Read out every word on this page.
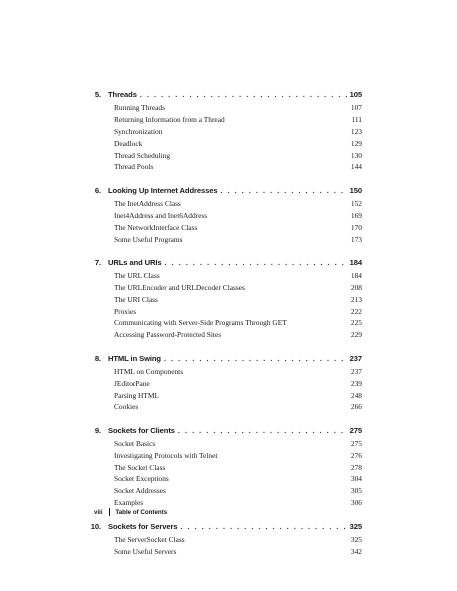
5. Threads . . .	105
Running Threads	107
Returning Information from a Thread	111
Synchronization	123
Deadlock	129
Thread Scheduling	130
Thread Pools	144
6. Looking Up Internet Addresses . . .	150
The InetAddress Class	152
Inet4Address and Inet6Address	169
The NetworkInterface Class	170
Some Useful Programs	173
7. URLs and URIs . . .	184
The URL Class	184
The URLEncoder and URLDecoder Classes	208
The URI Class	213
Proxies	222
Communicating with Server-Side Programs Through GET	225
Accessing Password-Protected Sites	229
8. HTML in Swing . . .	237
HTML on Components	237
JEditorPane	239
Parsing HTML	248
Cookies	266
9. Sockets for Clients . . .	275
Socket Basics	275
Investigating Protocols with Telnet	276
The Socket Class	278
Socket Exceptions	304
Socket Addresses	305
Examples	306
10. Sockets for Servers . . .	325
The ServerSocket Class	325
Some Useful Servers	342
viii Table of Contents
